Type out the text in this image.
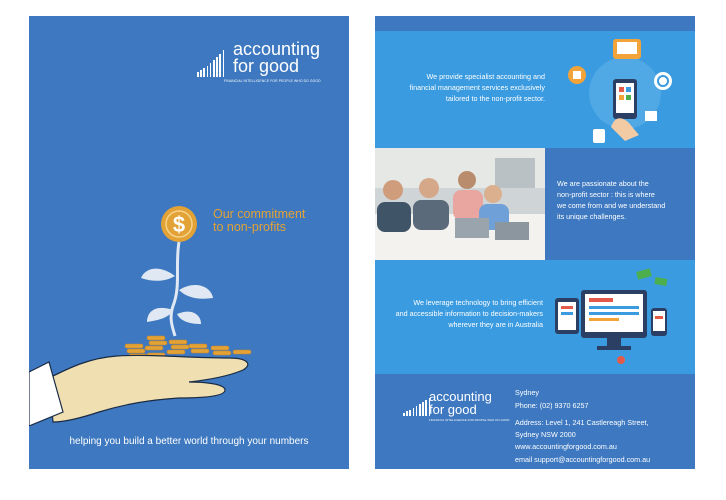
accounting
for good
FINANCIAL INTELLIGENCE FOR PEOPLE WHO DO GOOD
Our commitment
to non-profits
$
helping you build a better world through your numbers
We provide specialist accounting and
financial management services exclusively
tailored to the non-profit sector.
We are passionate about the
non-profit sector : this is where
we come from and we understand
its unique challenges.
We leverage technology to bring efficient
and accessible information to decision-makers
wherever they are in Australia
accounting
for good
FINANCIAL INTELLIGENCE FOR PEOPLE WHO DO GOOD
Sydney
Phone: (02) 9370 6257
Address: Level 1, 241 Castlereagh Street,
Sydney NSW 2000
www.accountingforgood.com.au
email support@accountingforgood.com.au
